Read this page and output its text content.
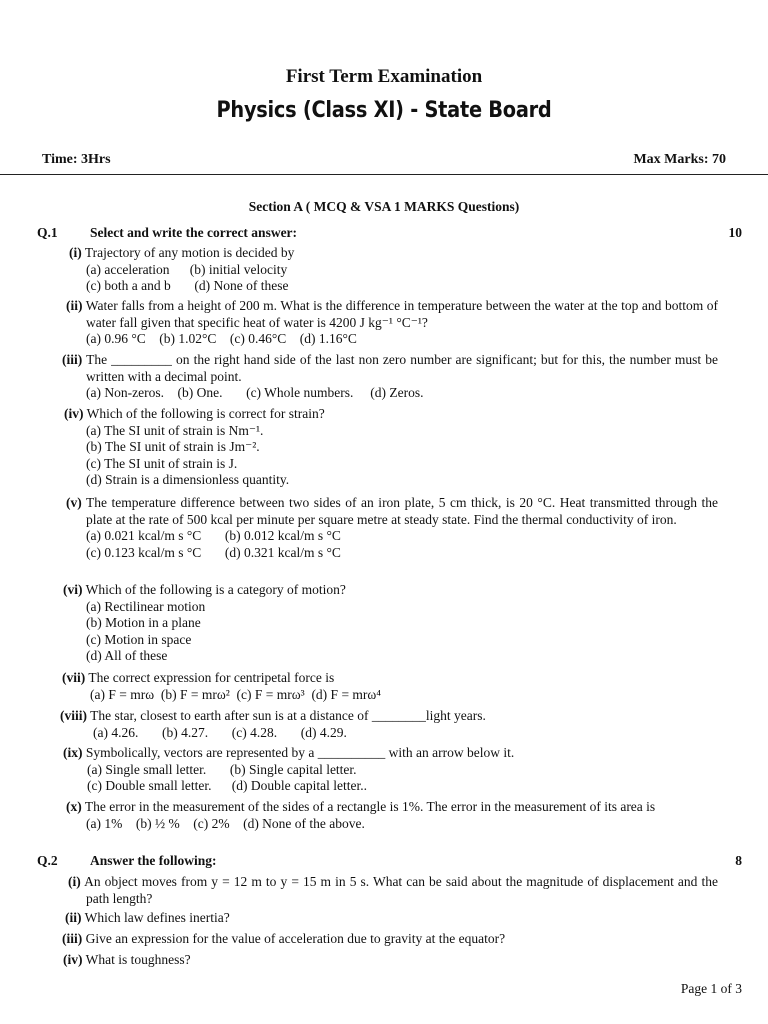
First Term Examination
Physics (Class XI) - State Board
Time: 3Hrs	Max Marks: 70
Section A ( MCQ & VSA 1 MARKS Questions)
Q.1 Select and write the correct answer:	10
(i) Trajectory of any motion is decided by
(a) acceleration      (b) initial velocity
(c) both a and b       (d) None of these
(ii) Water falls from a height of 200 m. What is the difference in temperature between the water at the top and bottom of water fall given that specific heat of water is 4200 J kg⁻¹ °C⁻¹?
(a) 0.96 °C    (b) 1.02°C    (c) 0.46°C    (d) 1.16°C
(iii) The _________ on the right hand side of the last non zero number are significant; but for this, the number must be written with a decimal point.
(a) Non-zeros.    (b) One.       (c) Whole numbers.     (d) Zeros.
(iv) Which of the following is correct for strain?
(a) The SI unit of strain is Nm⁻¹.
(b) The SI unit of strain is Jm⁻².
(c) The SI unit of strain is J.
(d) Strain is a dimensionless quantity.
(v) The temperature difference between two sides of an iron plate, 5 cm thick, is 20 °C. Heat transmitted through the plate at the rate of 500 kcal per minute per square metre at steady state. Find the thermal conductivity of iron.
(a) 0.021 kcal/m s °C       (b) 0.012 kcal/m s °C
(c) 0.123 kcal/m s °C       (d) 0.321 kcal/m s °C
(vi) Which of the following is a category of motion?
(a) Rectilinear motion
(b) Motion in a plane
(c) Motion in space
(d) All of these
(vii) The correct expression for centripetal force is
(a) F = mrω  (b) F = mrω²  (c) F = mrω³  (d) F = mrω⁴
(viii) The star, closest to earth after sun is at a distance of ________light years.
(a) 4.26.       (b) 4.27.       (c) 4.28.       (d) 4.29.
(ix) Symbolically, vectors are represented by a __________ with an arrow below it.
(a) Single small letter.       (b) Single capital letter.
(c) Double small letter.      (d) Double capital letter..
(x) The error in the measurement of the sides of a rectangle is 1%. The error in the measurement of its area is
(a) 1%    (b) ½ %    (c) 2%    (d) None of the above.
Q.2 Answer the following:	8
(i) An object moves from y = 12 m to y = 15 m in 5 s. What can be said about the magnitude of displacement and the path length?
(ii) Which law defines inertia?
(iii) Give an expression for the value of acceleration due to gravity at the equator?
(iv) What is toughness?
Page 1 of 3
